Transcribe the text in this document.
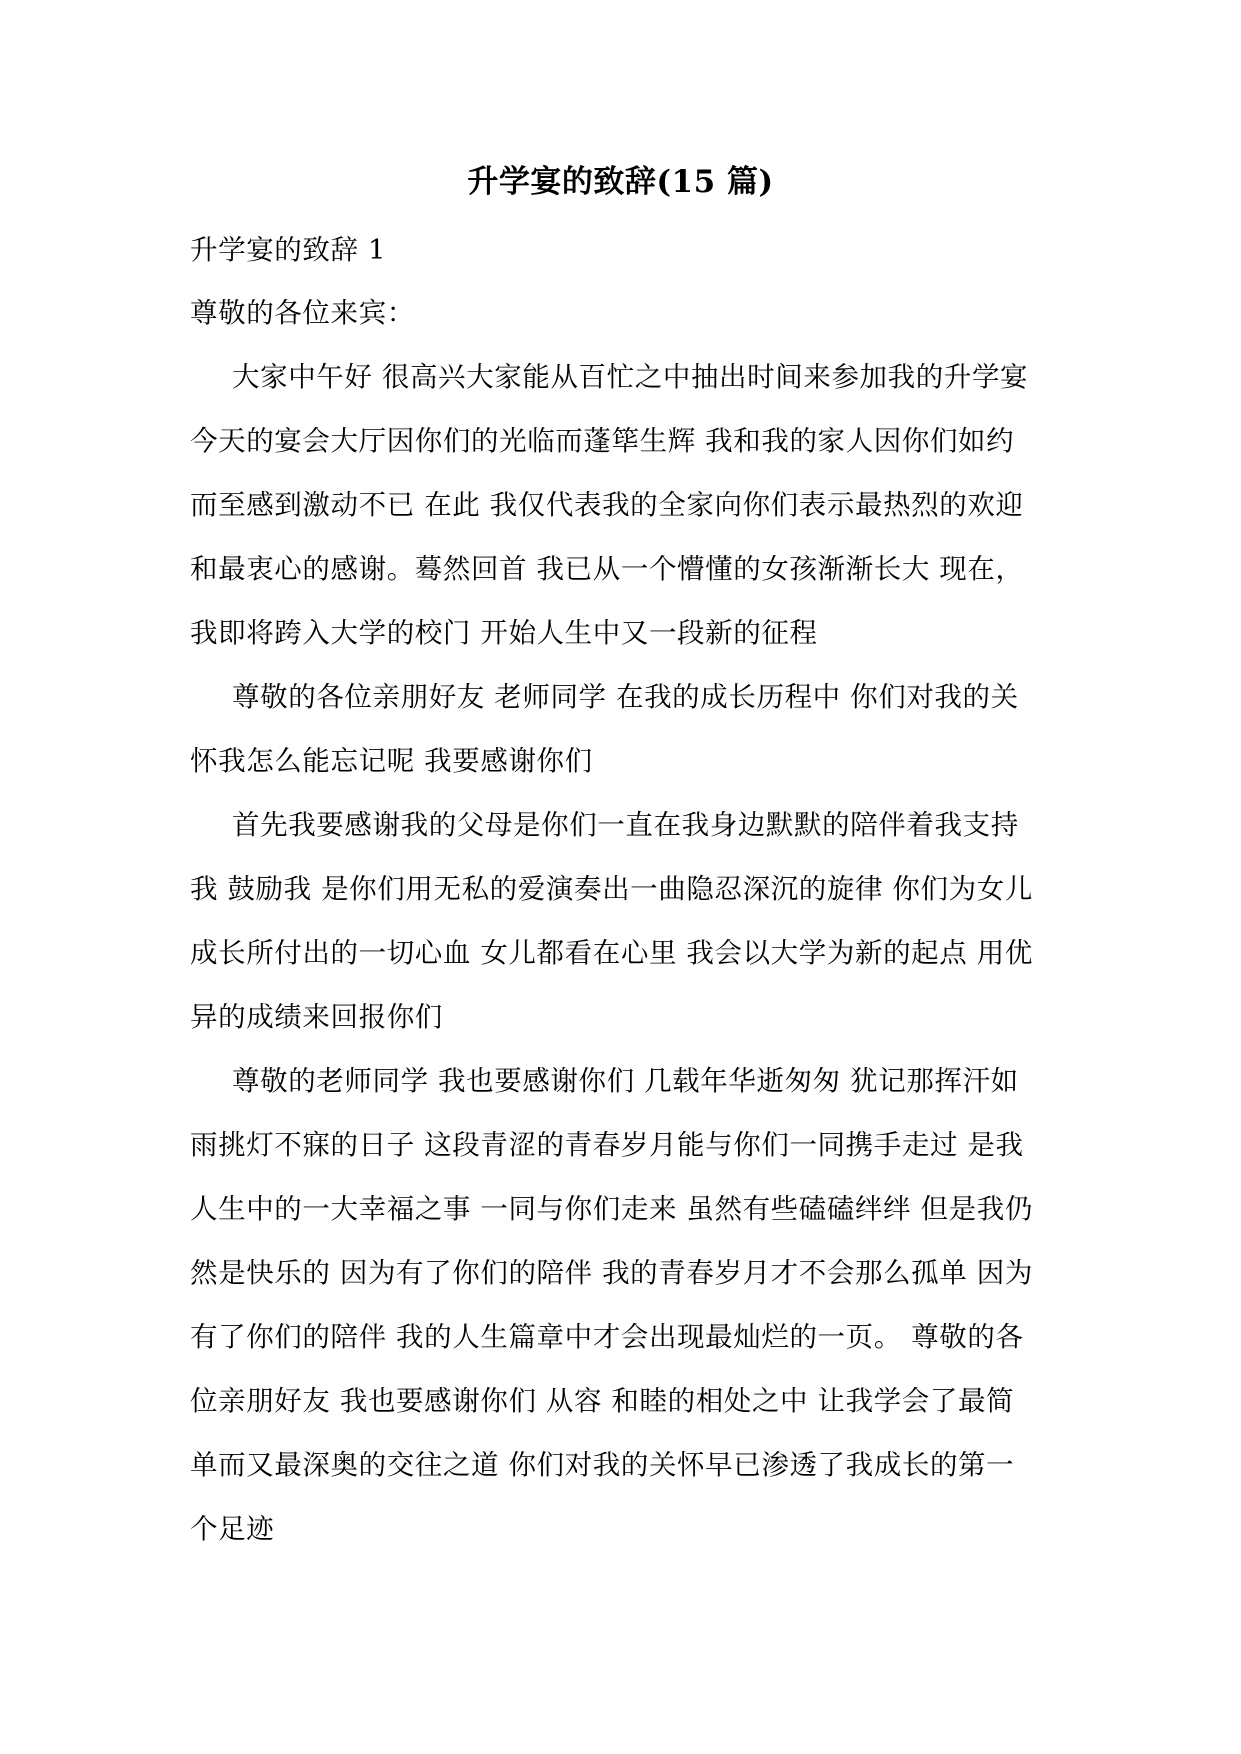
升学宴的致辞(15 篇)
升学宴的致辞 1
尊敬的各位来宾：
大家中午好 很高兴大家能从百忙之中抽出时间来参加我的升学宴
今天的宴会大厅因你们的光临而蓬筚生辉 我和我的家人因你们如约
而至感到激动不已 在此 我仅代表我的全家向你们表示最热烈的欢迎
和最衷心的感谢。蓦然回首 我已从一个懵懂的女孩渐渐长大 现在，
我即将跨入大学的校门 开始人生中又一段新的征程
尊敬的各位亲朋好友 老师同学 在我的成长历程中 你们对我的关
怀我怎么能忘记呢 我要感谢你们
首先我要感谢我的父母是你们一直在我身边默默的陪伴着我支持
我 鼓励我 是你们用无私的爱演奏出一曲隐忍深沉的旋律 你们为女儿
成长所付出的一切心血 女儿都看在心里 我会以大学为新的起点 用优
异的成绩来回报你们
尊敬的老师同学 我也要感谢你们 几载年华逝匆匆 犹记那挥汗如
雨挑灯不寐的日子 这段青涩的青春岁月能与你们一同携手走过 是我
人生中的一大幸福之事 一同与你们走来 虽然有些磕磕绊绊 但是我仍
然是快乐的 因为有了你们的陪伴 我的青春岁月才不会那么孤单 因为
有了你们的陪伴 我的人生篇章中才会出现最灿烂的一页。 尊敬的各
位亲朋好友 我也要感谢你们 从容 和睦的相处之中 让我学会了最简
单而又最深奥的交往之道 你们对我的关怀早已渗透了我成长的第一
个足迹
